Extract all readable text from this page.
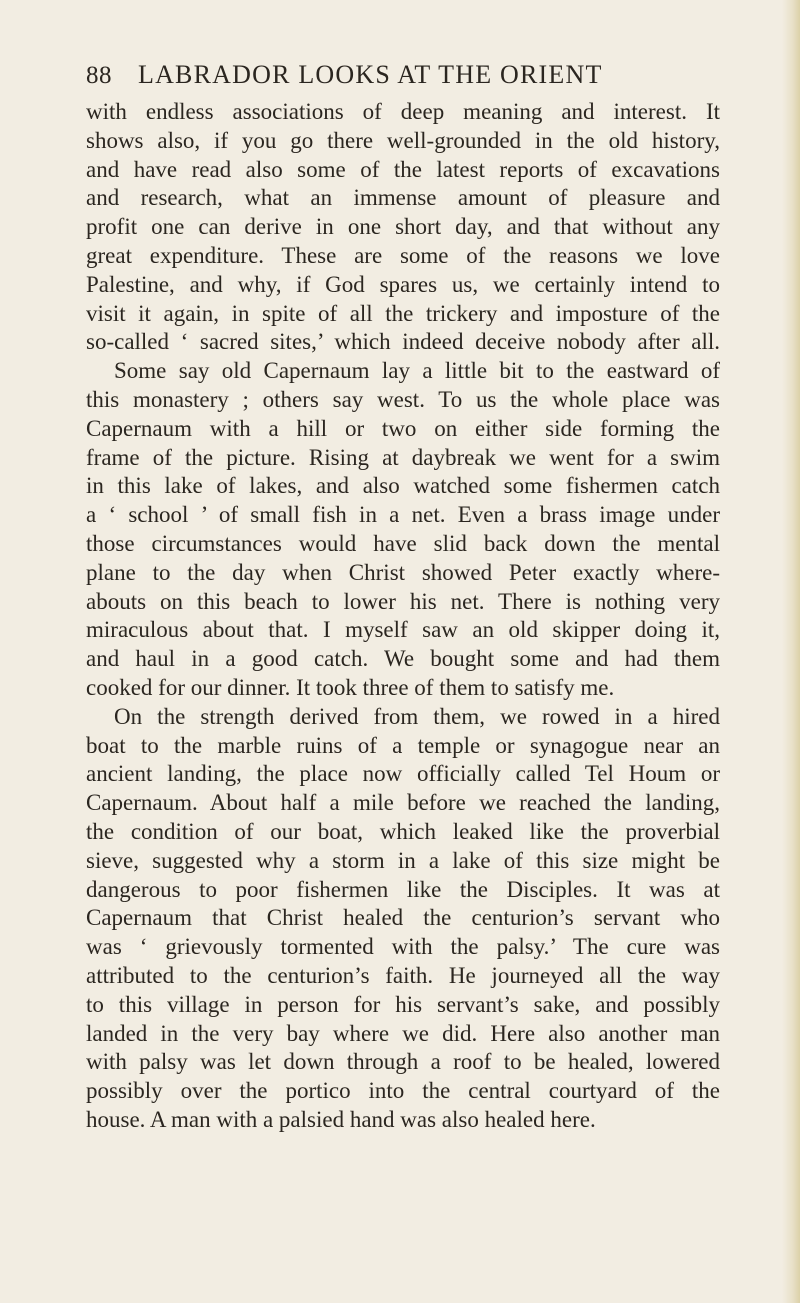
88	LABRADOR LOOKS AT THE ORIENT
with endless associations of deep meaning and interest. It
shows also, if you go there well-grounded in the old history,
and have read also some of the latest reports of excavations
and research, what an immense amount of pleasure and
profit one can derive in one short day, and that without any
great expenditure. These are some of the reasons we love
Palestine, and why, if God spares us, we certainly intend to
visit it again, in spite of all the trickery and imposture of the
so-called ‘ sacred sites,’ which indeed deceive nobody after all.
Some say old Capernaum lay a little bit to the eastward of
this monastery ; others say west. To us the whole place was
Capernaum with a hill or two on either side forming the
frame of the picture. Rising at daybreak we went for a swim
in this lake of lakes, and also watched some fishermen catch
a ‘ school ’ of small fish in a net. Even a brass image under
those circumstances would have slid back down the mental
plane to the day when Christ showed Peter exactly where-
abouts on this beach to lower his net. There is nothing very
miraculous about that. I myself saw an old skipper doing it,
and haul in a good catch. We bought some and had them
cooked for our dinner. It took three of them to satisfy me.
On the strength derived from them, we rowed in a hired
boat to the marble ruins of a temple or synagogue near an
ancient landing, the place now officially called Tel Houm or
Capernaum. About half a mile before we reached the landing,
the condition of our boat, which leaked like the proverbial
sieve, suggested why a storm in a lake of this size might be
dangerous to poor fishermen like the Disciples. It was at
Capernaum that Christ healed the centurion’s servant who
was ‘ grievously tormented with the palsy.’ The cure was
attributed to the centurion’s faith. He journeyed all the way
to this village in person for his servant’s sake, and possibly
landed in the very bay where we did. Here also another man
with palsy was let down through a roof to be healed, lowered
possibly over the portico into the central courtyard of the
house. A man with a palsied hand was also healed here.
